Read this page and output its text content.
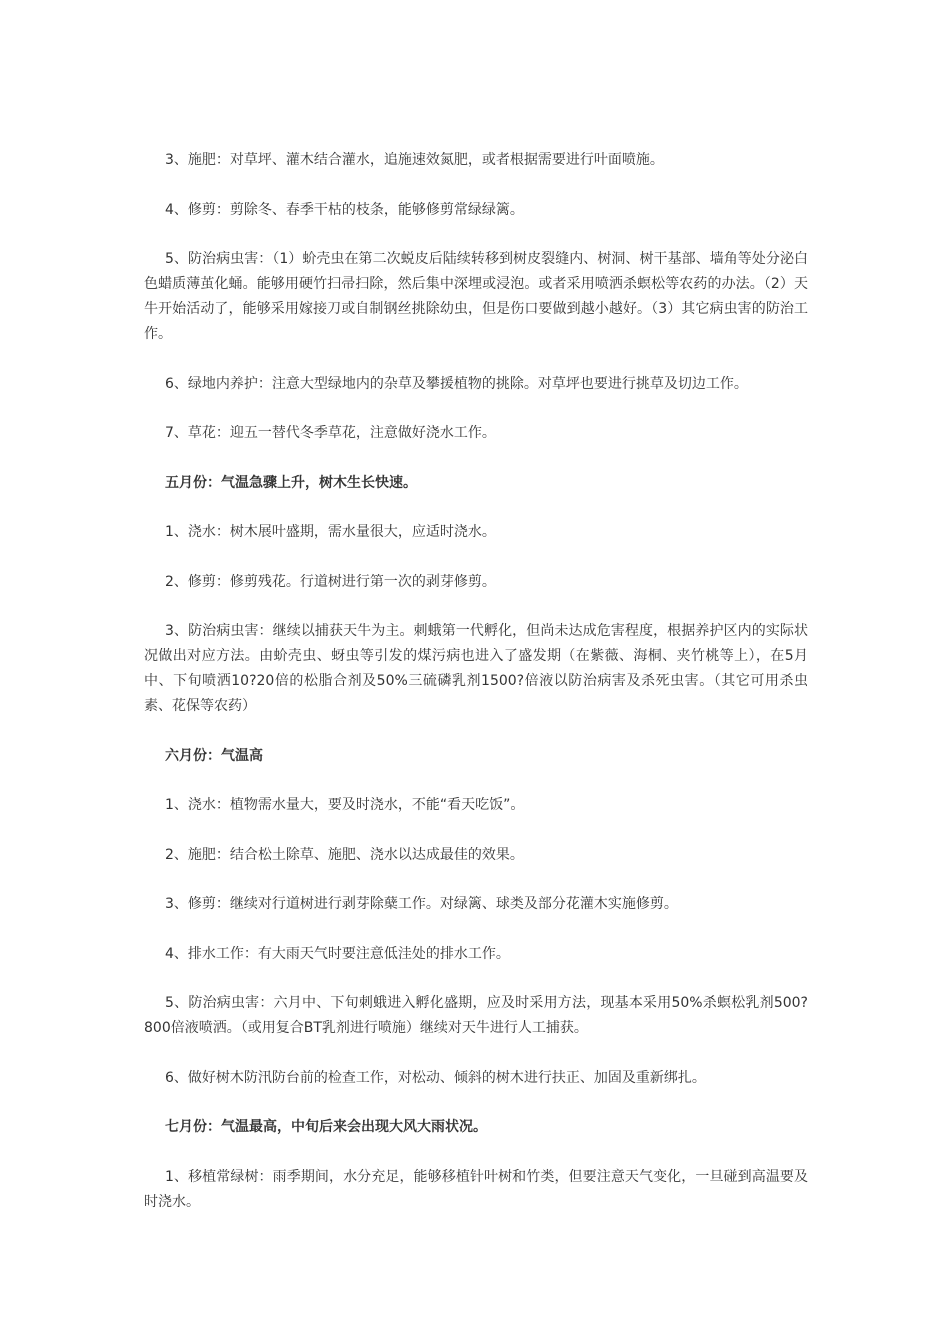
3、施肥：对草坪、灌木结合灌水，追施速效氮肥，或者根据需要进行叶面喷施。

4、修剪：剪除冬、春季干枯的枝条，能够修剪常绿绿篱。

5、防治病虫害：（1）蚧壳虫在第二次蜕皮后陆续转移到树皮裂缝内、树洞、树干基部、墙角等处分泌白色蜡质薄茧化蛹。能够用硬竹扫帚扫除，然后集中深埋或浸泡。或者采用喷洒杀螟松等农药的办法。（2）天牛开始活动了，能够采用嫁接刀或自制钢丝挑除幼虫，但是伤口要做到越小越好。（3）其它病虫害的防治工作。

6、绿地内养护：注意大型绿地内的杂草及攀援植物的挑除。对草坪也要进行挑草及切边工作。

7、草花：迎五一替代冬季草花，注意做好浇水工作。

五月份：气温急骤上升，树木生长快速。

1、浇水：树木展叶盛期，需水量很大，应适时浇水。

2、修剪：修剪残花。行道树进行第一次的剥芽修剪。

3、防治病虫害：继续以捕获天牛为主。刺蛾第一代孵化，但尚未达成危害程度，根据养护区内的实际状况做出对应方法。由蚧壳虫、蚜虫等引发的煤污病也进入了盛发期（在紫薇、海桐、夹竹桃等上），在5月中、下旬喷洒10?20倍的松脂合剂及50%三硫磷乳剂1500?倍液以防治病害及杀死虫害。（其它可用杀虫素、花保等农药）

六月份：气温高

1、浇水：植物需水量大，要及时浇水，不能“看天吃饭”。

2、施肥：结合松土除草、施肥、浇水以达成最佳的效果。

3、修剪：继续对行道树进行剥芽除蘖工作。对绿篱、球类及部分花灌木实施修剪。

4、排水工作：有大雨天气时要注意低洼处的排水工作。

5、防治病虫害：六月中、下旬刺蛾进入孵化盛期，应及时采用方法，现基本采用50%杀螟松乳剂500?800倍液喷洒。（或用复合BT乳剂进行喷施）继续对天牛进行人工捕获。

6、做好树木防汛防台前的检查工作，对松动、倾斜的树木进行扶正、加固及重新绑扎。

七月份：气温最高，中旬后来会出现大风大雨状况。

1、移植常绿树：雨季期间，水分充足，能够移植针叶树和竹类，但要注意天气变化，一旦碰到高温要及时浇水。
